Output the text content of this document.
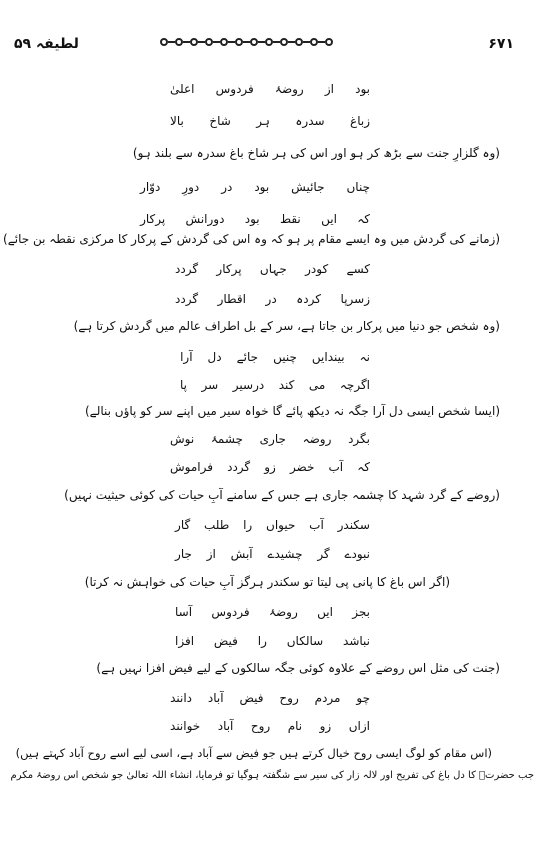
۶۷۱
لطیفہ ۵۹
بود
از
روضۂ
فردوس
اعلیٰ
زباغ
سدرہ
ہر
شاخ
بالا
(وہ گلزارِ جنت سے بڑھ کر ہو اور اس کی ہر شاخ باغ سدرہ سے بلند ہو)
چناں
جائیش
بود
در
دورِ
دوّار
کہ
ایں
نقط
بود
دورانش
پرکار
(زمانے کی گردش میں وہ ایسے مقام پر ہو کہ وہ اس کی گردش کے پرکار کا مرکزی نقطہ بن جائے)
کسے
کودر
جہاں
پرکار
گردد
زسرپا
کردہ
در
اقطار
گردد
(وہ شخص جو دنیا میں پرکار بن جاتا ہے، سر کے بل اطراف عالم میں گردش کرتا ہے)
نہ
بیندایں
چنیں
جائے
دل
آرا
اگرچہ
می
کند
درسیر
سر
پا
(ایسا شخص ایسی دل آرا جگہ نہ دیکھ پائے گا خواہ سیر میں اپنے سر کو پاؤں بنالے)
بگرد
روضہ
جاری
چشمۂ
نوش
کہ
آب
خضر
زو
گردد
فراموش
(روضے کے گرد شہد کا چشمہ جاری ہے جس کے سامنے آبِ حیات کی کوئی حیثیت نہیں)
سکندر
آب
حیواں
را
طلب
گار
نبودے
گر
چشیدے
آبش
از
جار
(اگر اس باغ کا پانی پی لیتا تو سکندر ہرگز آبِ حیات کی خواہش نہ کرتا)
بجز
ایں
روضۂ
فردوس
آسا
نباشد
سالکاں
را
فیض
افزا
(جنت کی مثل اس روضے کے علاوہ کوئی جگہ سالکوں کے لیے فیض افزا نہیں ہے)
چو
مردم
روح
فیض
آباد
دانند
ازاں
زو
نام
روح
آباد
خوانند
(اس مقام کو لوگ ایسی روح خیال کرتے ہیں جو فیض سے آباد ہے، اسی لیے اسے روح آباد کہتے ہیں)
جب حضرتؒ کا دل باغ کی تفریح اور لالہ زار کی سیر سے شگفتہ ہوگیا تو فرمایا، انشاء اللہ تعالیٰ جو شخص اس روضۂ مکرم
